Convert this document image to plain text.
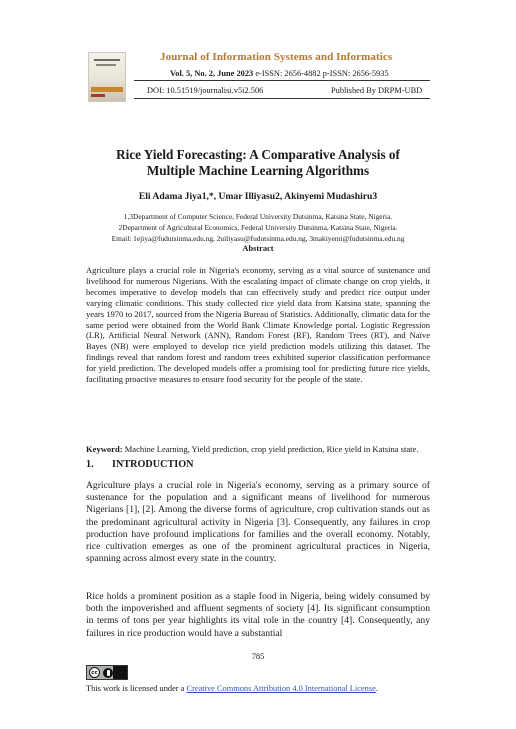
Journal of Information Systems and Informatics
Vol. 5, No. 2, June 2023 e-ISSN: 2656-4882 p-ISSN: 2656-5935
DOI: 10.51519/journalisi.v5i2.506	Published By DRPM-UBD
Rice Yield Forecasting: A Comparative Analysis of
Multiple Machine Learning Algorithms
Eli Adama Jiya1,*, Umar Illiyasu2, Akinyemi Mudashiru3
1,3Department of Computer Science, Federal University Dutsinma, Katsina State, Nigeria.
2Department of Agricultural Economics, Federal University Dutsinma, Katsina State, Nigeria.
Email: 1ejiya@fudutsinma.edu.ng, 2uiliyasu@fudutsinma.edu.ng, 3makiyemi@fudutsinma.edu.ng
Abstract
Agriculture plays a crucial role in Nigeria's economy, serving as a vital source of sustenance and livelihood for numerous Nigerians. With the escalating impact of climate change on crop yields, it becomes imperative to develop models that can effectively study and predict rice output under varying climatic conditions. This study collected rice yield data from Katsina state, spanning the years 1970 to 2017, sourced from the Nigeria Bureau of Statistics. Additionally, climatic data for the same period were obtained from the World Bank Climate Knowledge portal. Logistic Regression (LR), Artificial Neural Network (ANN), Random Forest (RF), Random Trees (RT), and Naïve Bayes (NB) were employed to develop rice yield prediction models utilizing this dataset. The findings reveal that random forest and random trees exhibited superior classification performance for yield prediction. The developed models offer a promising tool for predicting future rice yields, facilitating proactive measures to ensure food security for the people of the state.
Keyword: Machine Learning, Yield prediction, crop yield prediction, Rice yield in Katsina state.
1. INTRODUCTION
Agriculture plays a crucial role in Nigeria's economy, serving as a primary source of sustenance for the population and a significant means of livelihood for numerous Nigerians [1], [2]. Among the diverse forms of agriculture, crop cultivation stands out as the predominant agricultural activity in Nigeria [3]. Consequently, any failures in crop production have profound implications for families and the overall economy. Notably, rice cultivation emerges as one of the prominent agricultural practices in Nigeria, spanning across almost every state in the country.
Rice holds a prominent position as a staple food in Nigeria, being widely consumed by both the impoverished and affluent segments of society [4]. Its significant consumption in terms of tons per year highlights its vital role in the country [4]. Consequently, any failures in rice production would have a substantial
785
cc
This work is licensed under a Creative Commons Attribution 4.0 International License.
